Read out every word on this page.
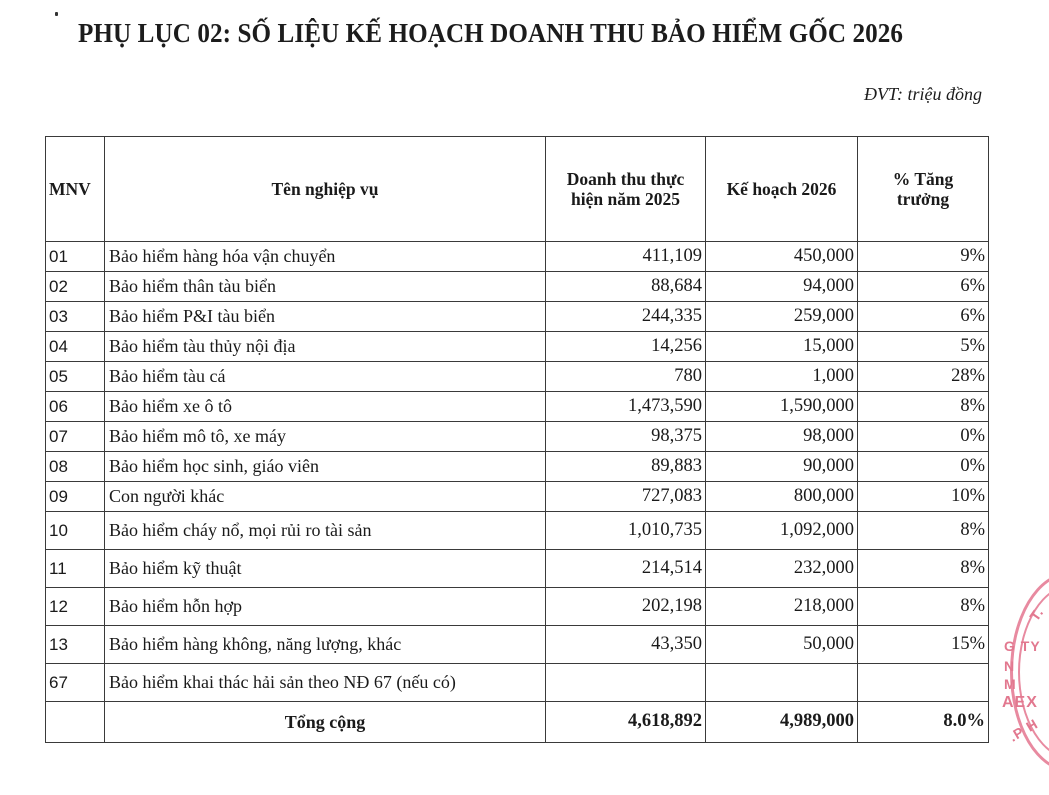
PHỤ LỤC 02: SỐ LIỆU KẾ HOẠCH DOANH THU BẢO HIỂM GỐC 2026
ĐVT: triệu đồng
MNV	Tên nghiệp vụ	Doanh thu thực hiện năm 2025	Kế hoạch 2026	% Tăng trưởng
01	Bảo hiểm hàng hóa vận chuyển	411,109	450,000	9%
02	Bảo hiểm thân tàu biển	88,684	94,000	6%
03	Bảo hiểm P&I tàu biển	244,335	259,000	6%
04	Bảo hiểm tàu thủy nội địa	14,256	15,000	5%
05	Bảo hiểm tàu cá	780	1,000	28%
06	Bảo hiểm xe ô tô	1,473,590	1,590,000	8%
07	Bảo hiểm mô tô, xe máy	98,375	98,000	0%
08	Bảo hiểm học sinh, giáo viên	89,883	90,000	0%
09	Con người khác	727,083	800,000	10%
10	Bảo hiểm cháy nổ, mọi rủi ro tài sản	1,010,735	1,092,000	8%
11	Bảo hiểm kỹ thuật	214,514	232,000	8%
12	Bảo hiểm hỗn hợp	202,198	218,000	8%
13	Bảo hiểm hàng không, năng lượng, khác	43,350	50,000	15%
67	Bảo hiểm khai thác hải sản theo NĐ 67 (nếu có)			
	Tổng cộng	4,618,892	4,989,000	8.0%
T.
G TY
N
M
AEX
.P H
